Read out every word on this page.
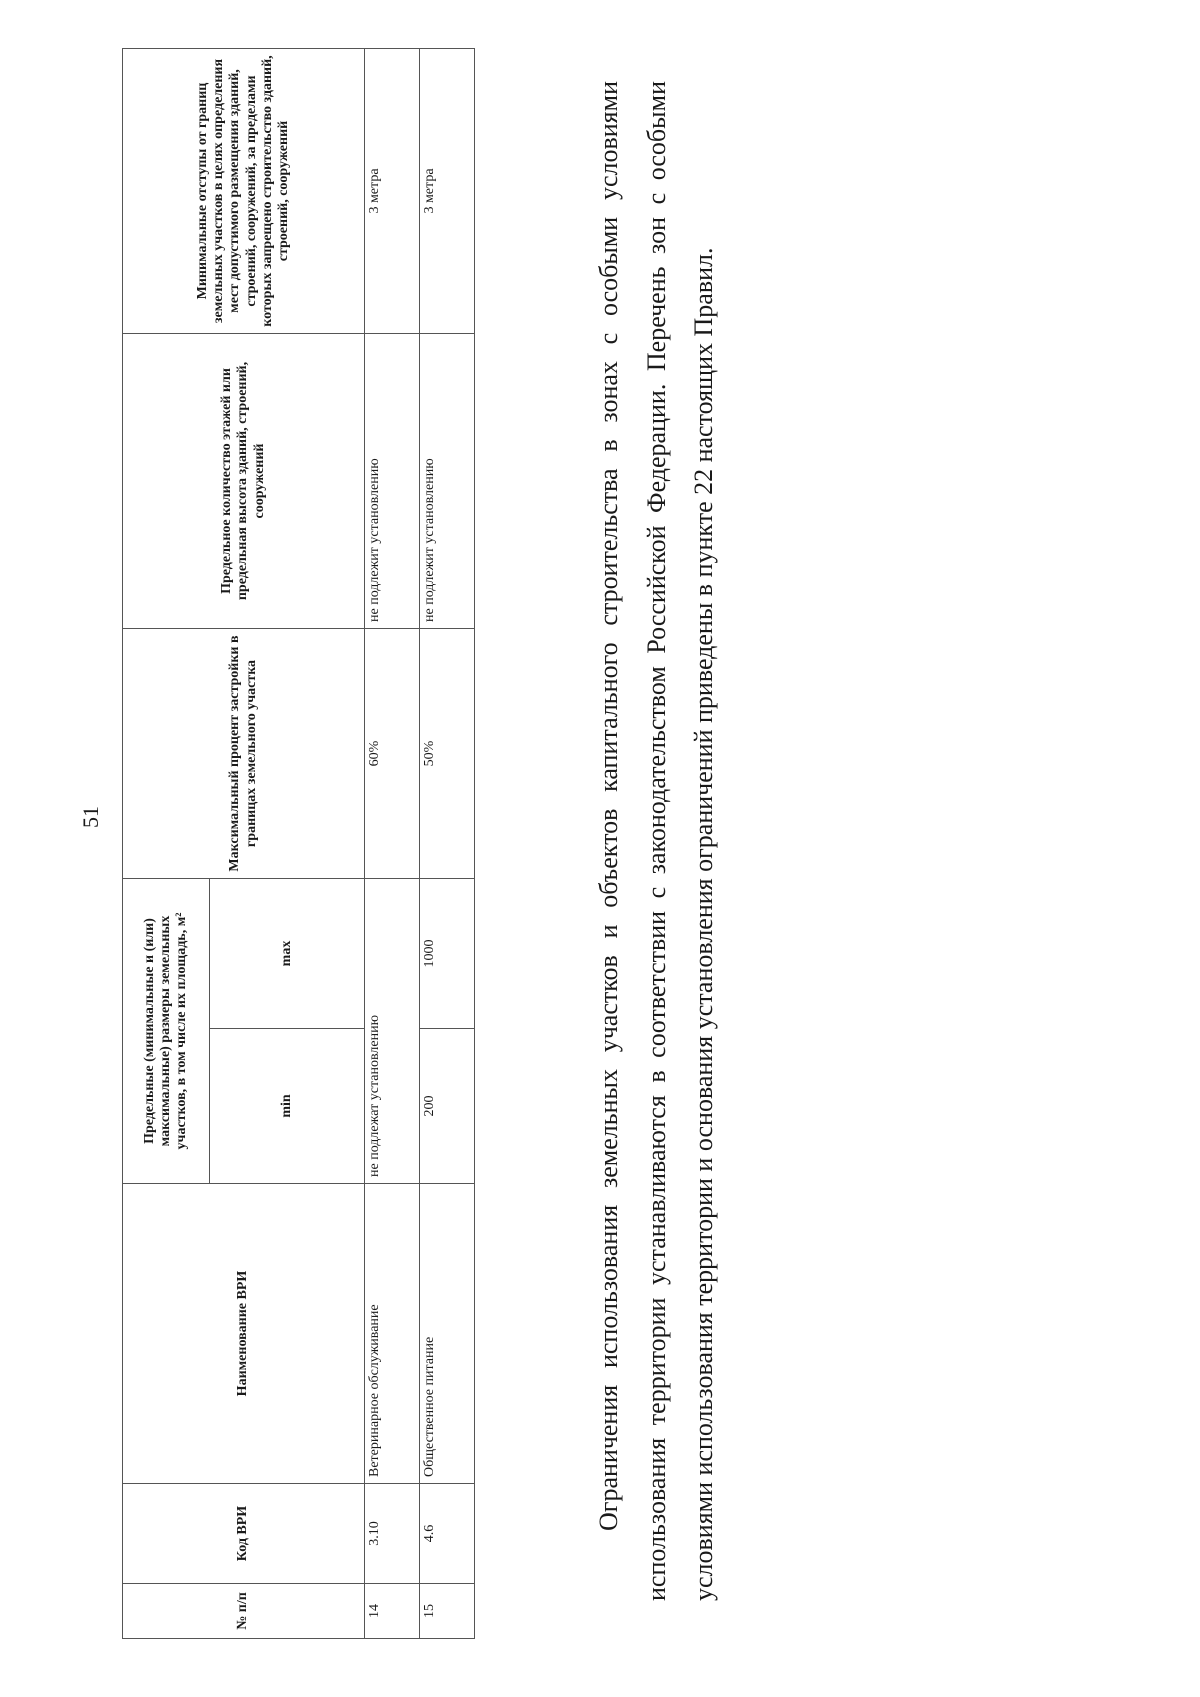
51
№ п/п	Код ВРИ	Наименование ВРИ	Предельные (минимальные и (или) максимальные) размеры земельных участков, в том числе их площадь, м²		Максимальный процент застройки в границах земельного участка	Предельное количество этажей или предельная высота зданий, строений, сооружений	Минимальные отступы от границ земельных участков в целях определения мест допустимого размещения зданий, строений, сооружений, за пределами которых запрещено строительство зданий, строений, сооружений
			min	max			
14	3.10	Ветеринарное обслуживание	не подлежат установлению		60%	не подлежит установлению	3 метра
15	4.6	Общественное питание	200	1000	50%	не подлежит установлению	3 метра	Ограничения использования земельных участков и объектов капитального строительства в зонах с особыми условиями использования территории устанавливаются в соответствии с законодательством Российской Федерации. Перечень зон с особыми условиями использования территории и основания установления ограничений приведены в пункте 22 настоящих Правил.
